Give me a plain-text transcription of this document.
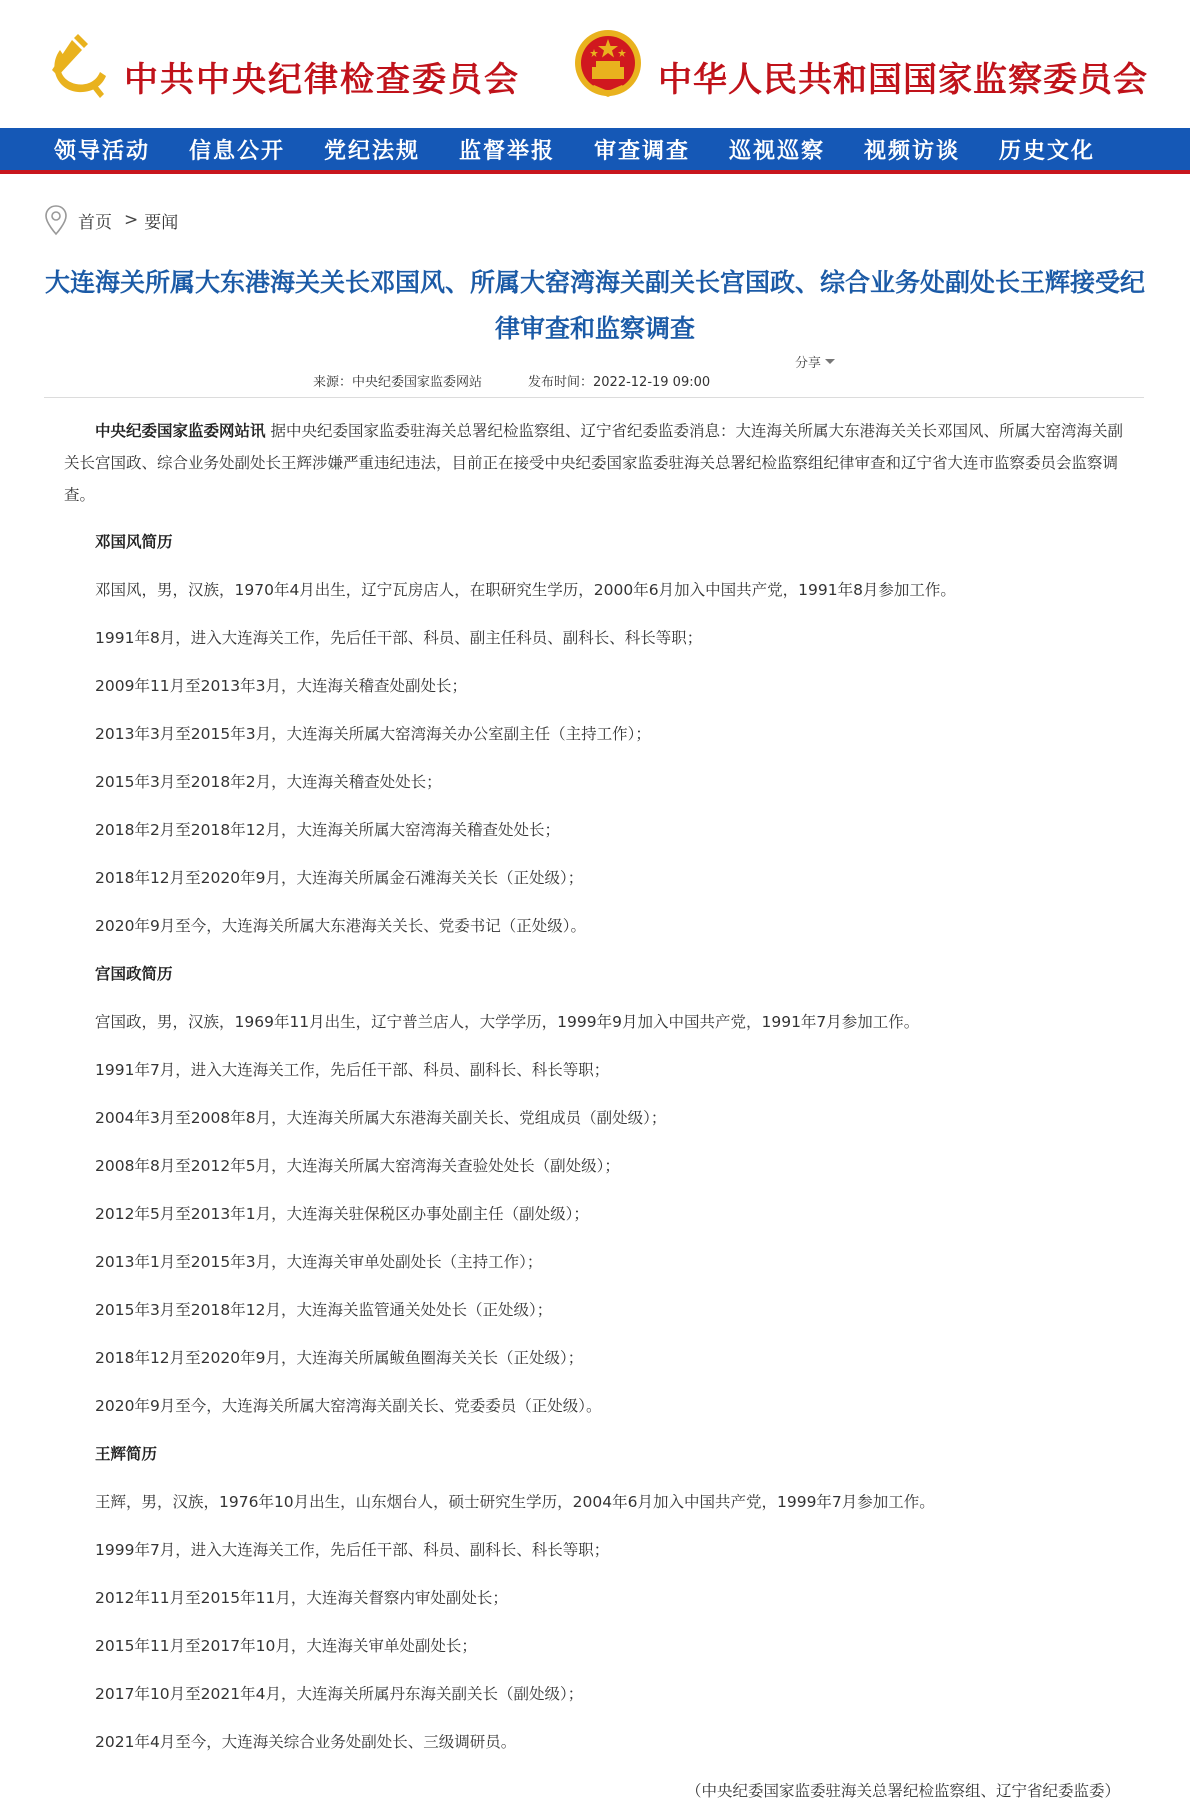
中共中央纪律检查委员会	中华人民共和国国家监察委员会
领导活动	信息公开	党纪法规	监督举报	审查调查	巡视巡察	视频访谈	历史文化
首页 > 要闻
大连海关所属大东港海关关长邓国风、所属大窑湾海关副关长宫国政、综合业务处副处长王辉接受纪律审查和监察调查
来源：中央纪委国家监委网站	发布时间：2022-12-19 09:00
分享

中央纪委国家监委网站讯 据中央纪委国家监委驻海关总署纪检监察组、辽宁省纪委监委消息：大连海关所属大东港海关关长邓国风、所属大窑湾海关副关长宫国政、综合业务处副处长王辉涉嫌严重违纪违法，目前正在接受中央纪委国家监委驻海关总署纪检监察组纪律审查和辽宁省大连市监察委员会监察调查。

邓国风简历

邓国风，男，汉族，1970年4月出生，辽宁瓦房店人，在职研究生学历，2000年6月加入中国共产党，1991年8月参加工作。

1991年8月，进入大连海关工作，先后任干部、科员、副主任科员、副科长、科长等职；

2009年11月至2013年3月，大连海关稽查处副处长；

2013年3月至2015年3月，大连海关所属大窑湾海关办公室副主任（主持工作）；

2015年3月至2018年2月，大连海关稽查处处长；

2018年2月至2018年12月，大连海关所属大窑湾海关稽查处处长；

2018年12月至2020年9月，大连海关所属金石滩海关关长（正处级）；

2020年9月至今，大连海关所属大东港海关关长、党委书记（正处级）。

宫国政简历

宫国政，男，汉族，1969年11月出生，辽宁普兰店人，大学学历，1999年9月加入中国共产党，1991年7月参加工作。

1991年7月，进入大连海关工作，先后任干部、科员、副科长、科长等职；

2004年3月至2008年8月，大连海关所属大东港海关副关长、党组成员（副处级）；

2008年8月至2012年5月，大连海关所属大窑湾海关查验处处长（副处级）；

2012年5月至2013年1月，大连海关驻保税区办事处副主任（副处级）；

2013年1月至2015年3月，大连海关审单处副处长（主持工作）；

2015年3月至2018年12月，大连海关监管通关处处长（正处级）；

2018年12月至2020年9月，大连海关所属鲅鱼圈海关关长（正处级）；

2020年9月至今，大连海关所属大窑湾海关副关长、党委委员（正处级）。

王辉简历

王辉，男，汉族，1976年10月出生，山东烟台人，硕士研究生学历，2004年6月加入中国共产党，1999年7月参加工作。

1999年7月，进入大连海关工作，先后任干部、科员、副科长、科长等职；

2012年11月至2015年11月，大连海关督察内审处副处长；

2015年11月至2017年10月，大连海关审单处副处长；

2017年10月至2021年4月，大连海关所属丹东海关副关长（副处级）；

2021年4月至今，大连海关综合业务处副处长、三级调研员。

（中央纪委国家监委驻海关总署纪检监察组、辽宁省纪委监委）
